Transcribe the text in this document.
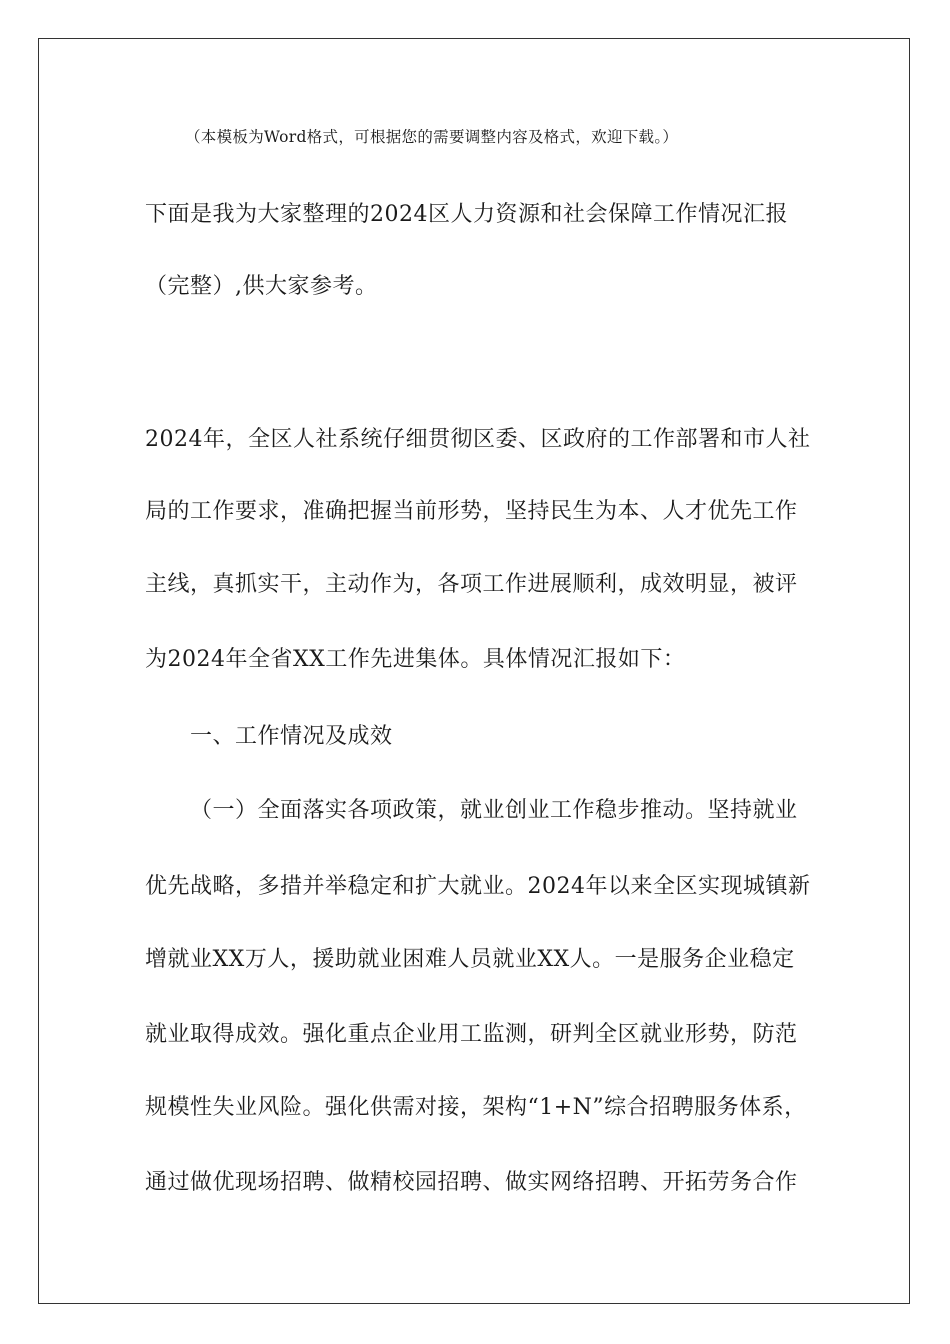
（本模板为Word格式，可根据您的需要调整内容及格式，欢迎下载。）
下面是我为大家整理的2024区人力资源和社会保障工作情况汇报
（完整）,供大家参考。
2024年，全区人社系统仔细贯彻区委、区政府的工作部署和市人社
局的工作要求，准确把握当前形势，坚持民生为本、人才优先工作
主线，真抓实干，主动作为，各项工作进展顺利，成效明显，被评
为2024年全省XX工作先进集体。具体情况汇报如下：
一、工作情况及成效
（一）全面落实各项政策，就业创业工作稳步推动。坚持就业
优先战略，多措并举稳定和扩大就业。2024年以来全区实现城镇新
增就业XX万人，援助就业困难人员就业XX人。一是服务企业稳定
就业取得成效。强化重点企业用工监测，研判全区就业形势，防范
规模性失业风险。强化供需对接，架构“1+N”综合招聘服务体系，
通过做优现场招聘、做精校园招聘、做实网络招聘、开拓劳务合作
